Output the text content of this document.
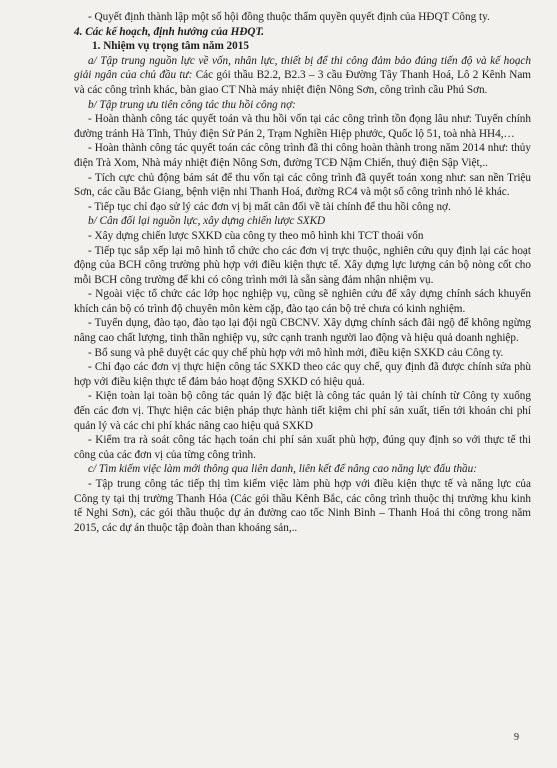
- Quyết định thành lập một số hội đồng thuộc thẩm quyền quyết định của HĐQT Công ty.

4. Các kế hoạch, định hướng của HĐQT.

1. Nhiệm vụ trọng tâm năm 2015

a/ Tập trung nguồn lực về vốn, nhân lực, thiết bị để thi công đảm bảo đúng tiến độ và kế hoạch giải ngân của chủ đầu tư: Các gói thầu B2.2, B2.3 – 3 cầu Đường Tây Thanh Hoá, Lô 2 Kênh Nam và các công trình khác, bàn giao CT Nhà máy nhiệt điện Nông Sơn, công trình cầu Phú Sơn.

b/ Tập trung ưu tiên công tác thu hồi công nợ:

- Hoàn thành công tác quyết toán và thu hồi vốn tại các công trình tồn đọng lâu như: Tuyến chính đường tránh Hà Tĩnh, Thủy điện Sử Pán 2, Trạm Nghiền Hiệp phước, Quốc lộ 51, toà nhà HH4,…

- Hoàn thành công tác quyết toán các công trình đã thi công hoàn thành trong năm 2014 như: thủy điện Trà Xom, Nhà máy nhiệt điện Nông Sơn, đường TCĐ Nậm Chiến, thuỷ điện Sập Việt,..

- Tích cực chủ động bám sát để thu vốn tại các công trình đã quyết toán xong như: san nền Triệu Sơn, các cầu Bắc Giang, bệnh viện nhi Thanh Hoá, đường RC4 và một số công trình nhỏ lẻ khác.

- Tiếp tục chỉ đạo sử lý các đơn vị bị mất cân đối về tài chính để thu hồi công nợ.

b/ Cân đối lại nguồn lực, xây dựng chiến lược SXKD

- Xây dựng chiến lược SXKD cùa công ty theo mô hình khi TCT thoái vốn

- Tiếp tục sắp xếp lại mô hình tổ chức cho các đơn vị trực thuộc, nghiên cứu quy định lại các hoạt động của BCH công trường phù hợp với điều kiện thực tế. Xây dựng lực lượng cán bộ nòng cốt cho mỗi BCH công trường để khi có công trình mới là sẵn sàng đảm nhận nhiệm vụ.

- Ngoài việc tổ chức các lớp học nghiệp vụ, cũng sẽ nghiên cứu để xây dựng chính sách khuyến khích cán bộ có trình độ chuyên môn kèm cặp, đào tạo cán bộ trẻ chưa có kinh nghiệm.

- Tuyển dụng, đào tạo, đào tạo lại đội ngũ CBCNV. Xây dựng chính sách đãi ngộ để không ngừng nâng cao chất lượng, tinh thần nghiệp vụ, sức cạnh tranh người lao động và hiệu quả doanh nghiệp.

- Bổ sung và phê duyệt các quy chế phù hợp với mô hình mới, điều kiện SXKD cảu Công ty.

- Chỉ đạo các đơn vị thực hiện công tác SXKD theo các quy chế, quy định đã được chính sửa phù hợp với điều kiện thực tế đảm bảo hoạt động SXKD có hiệu quả.

- Kiện toàn lại toàn bộ công tác quản lý đặc biệt là công tác quản lý tài chính từ Công ty xuống đến các đơn vị. Thực hiện các biện pháp thực hành tiết kiệm chi phí sản xuất, tiến tới khoán chi phí quản lý và các chi phí khác nâng cao hiệu quả SXKD

- Kiểm tra rà soát công tác hạch toán chi phí sản xuất phù hợp, đúng quy định so với thực tế thi công của các đơn vị của từng công trình.

c/ Tìm kiếm việc làm mới thông qua liên danh, liên kết để nâng cao năng lực đấu thầu:

- Tập trung công tác tiếp thị tìm kiếm việc làm phù hợp với điều kiện thực tế và năng lực của Công ty tại thị trường Thanh Hóa (Các gói thầu Kênh Bắc, các công trình thuộc thị trường khu kinh tế Nghi Sơn), các gói thầu thuộc dự án đường cao tốc Ninh Bình – Thanh Hoá thi công trong năm 2015, các dự án thuộc tập đoàn than khoáng sản,..

9
